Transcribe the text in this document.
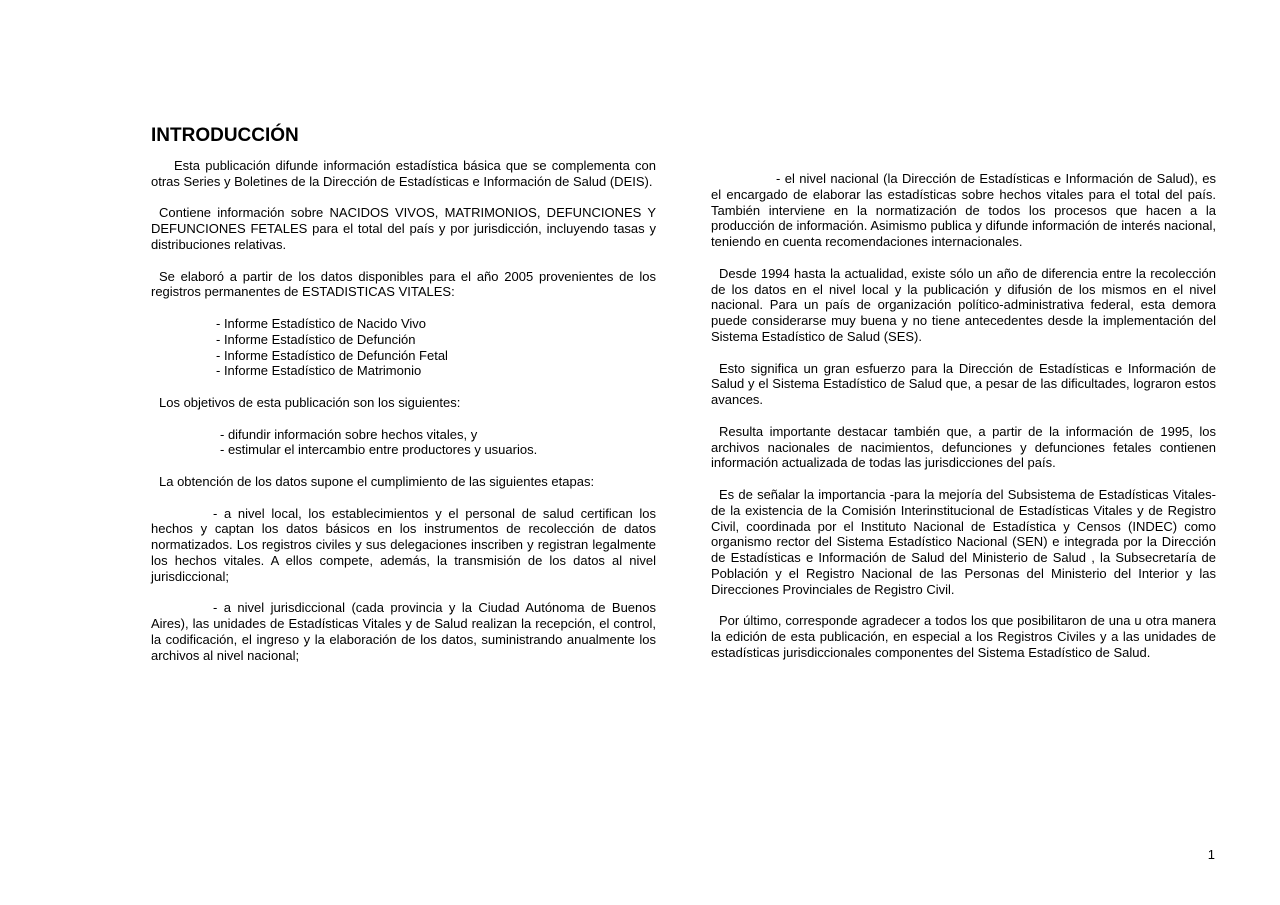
INTRODUCCIÓN

Esta publicación difunde información estadística básica que se complementa con otras Series y Boletines de la Dirección de Estadísticas e Información de Salud (DEIS).

Contiene información sobre NACIDOS VIVOS, MATRIMONIOS, DEFUNCIONES Y DEFUNCIONES FETALES para el total del país y por jurisdicción, incluyendo tasas y distribuciones relativas.

Se elaboró a partir de los datos disponibles para el año 2005 provenientes de los registros permanentes de ESTADISTICAS VITALES:

- Informe Estadístico de Nacido Vivo
- Informe Estadístico de Defunción
- Informe Estadístico de Defunción Fetal
- Informe Estadístico de Matrimonio

Los objetivos de esta publicación son los siguientes:

- difundir información sobre hechos vitales, y
- estimular el intercambio entre productores y usuarios.

La obtención de los datos supone el cumplimiento de las siguientes etapas:

- a nivel local, los establecimientos y el personal de salud certifican los hechos y captan los datos básicos en los instrumentos de recolección de datos normatizados. Los registros civiles y sus delegaciones inscriben y registran legalmente los hechos vitales. A ellos compete, además, la transmisión de los datos al nivel jurisdiccional;

- a nivel jurisdiccional (cada provincia y la Ciudad Autónoma de Buenos Aires), las unidades de Estadísticas Vitales y de Salud realizan la recepción, el control, la codificación, el ingreso y la elaboración de los datos, suministrando anualmente los archivos al nivel nacional;

- el nivel nacional (la Dirección de Estadísticas e Información de Salud), es el encargado de elaborar las estadísticas sobre hechos vitales para el total del país. También interviene en la normatización de todos los procesos que hacen a la producción de información. Asimismo publica y difunde información de interés nacional, teniendo en cuenta recomendaciones internacionales.

Desde 1994 hasta la actualidad, existe sólo un año de diferencia entre la recolección de los datos en el nivel local y la publicación y difusión de los mismos en el nivel nacional. Para un país de organización político-administrativa federal, esta demora puede considerarse muy buena y no tiene antecedentes desde la implementación del Sistema Estadístico de Salud (SES).

Esto significa un gran esfuerzo para la Dirección de Estadísticas e Información de Salud y el Sistema Estadístico de Salud que, a pesar de las dificultades, lograron estos avances.

Resulta importante destacar también que, a partir de la información de 1995, los archivos nacionales de nacimientos, defunciones y defunciones fetales contienen información actualizada de todas las jurisdicciones del país.

Es de señalar la importancia -para la mejoría del Subsistema de Estadísticas Vitales- de la existencia de la Comisión Interinstitucional de Estadísticas Vitales y de Registro Civil, coordinada por el Instituto Nacional de Estadística y Censos (INDEC) como organismo rector del Sistema Estadístico Nacional (SEN) e integrada por la Dirección de Estadísticas e Información de Salud del Ministerio de Salud , la Subsecretaría de Población y el Registro Nacional de las Personas del Ministerio del Interior y las Direcciones Provinciales de Registro Civil.

Por último, corresponde agradecer a todos los que posibilitaron de una u otra manera la edición de esta publicación, en especial a los Registros Civiles y a las unidades de estadísticas jurisdiccionales componentes del Sistema Estadístico de Salud.

1
